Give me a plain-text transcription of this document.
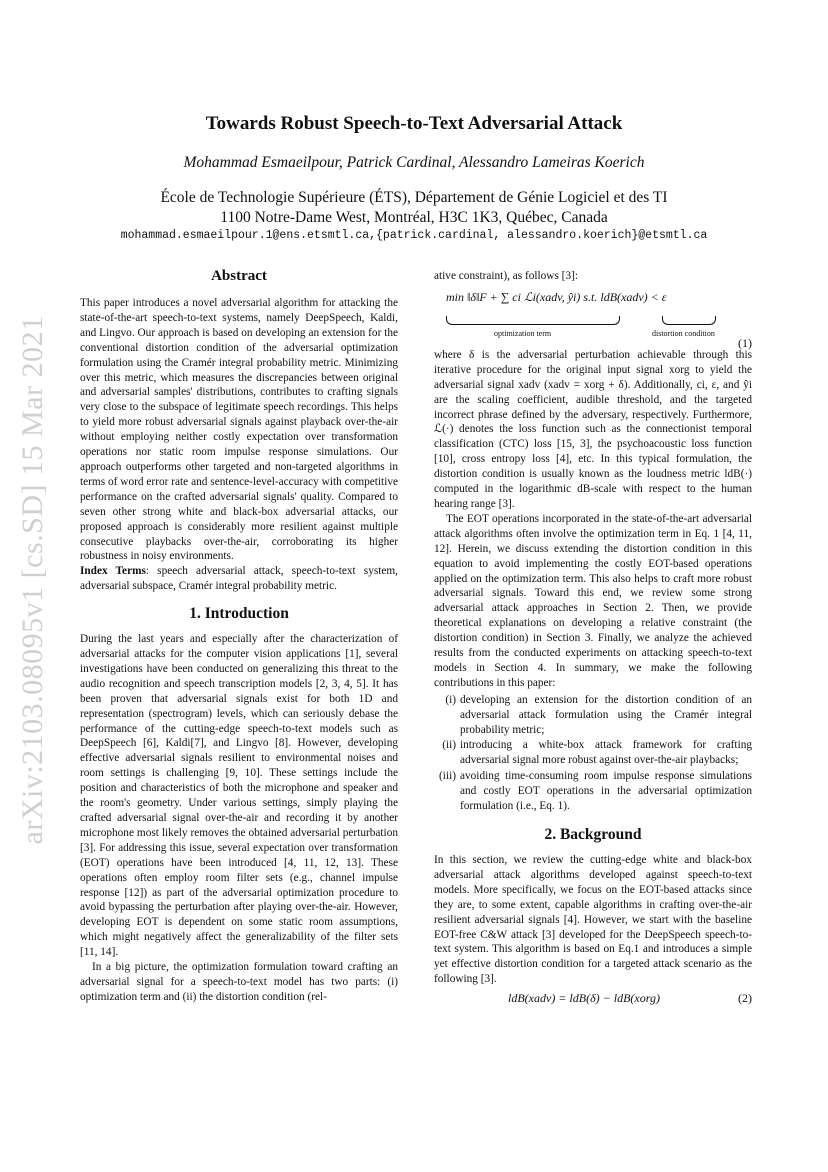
arXiv:2103.08095v1 [cs.SD] 15 Mar 2021
Towards Robust Speech-to-Text Adversarial Attack
Mohammad Esmaeilpour, Patrick Cardinal, Alessandro Lameiras Koerich
École de Technologie Supérieure (ÉTS), Département de Génie Logiciel et des TI
1100 Notre-Dame West, Montréal, H3C 1K3, Québec, Canada
mohammad.esmaeilpour.1@ens.etsmtl.ca,{patrick.cardinal, alessandro.koerich}@etsmtl.ca
Abstract

This paper introduces a novel adversarial algorithm for attacking the state-of-the-art speech-to-text systems, namely DeepSpeech, Kaldi, and Lingvo. Our approach is based on developing an extension for the conventional distortion condition of the adversarial optimization formulation using the Cramér integral probability metric. Minimizing over this metric, which measures the discrepancies between original and adversarial samples' distributions, contributes to crafting signals very close to the subspace of legitimate speech recordings. This helps to yield more robust adversarial signals against playback over-the-air without employing neither costly expectation over transformation operations nor static room impulse response simulations. Our approach outperforms other targeted and non-targeted algorithms in terms of word error rate and sentence-level-accuracy with competitive performance on the crafted adversarial signals' quality. Compared to seven other strong white and black-box adversarial attacks, our proposed approach is considerably more resilient against multiple consecutive playbacks over-the-air, corroborating its higher robustness in noisy environments.

Index Terms: speech adversarial attack, speech-to-text system, adversarial subspace, Cramér integral probability metric.

1. Introduction

During the last years and especially after the characterization of adversarial attacks for the computer vision applications [1], several investigations have been conducted on generalizing this threat to the audio recognition and speech transcription models [2, 3, 4, 5]. It has been proven that adversarial signals exist for both 1D and representation (spectrogram) levels, which can seriously debase the performance of the cutting-edge speech-to-text models such as DeepSpeech [6], Kaldi[7], and Lingvo [8]. However, developing effective adversarial signals resilient to environmental noises and room settings is challenging [9, 10]. These settings include the position and characteristics of both the microphone and speaker and the room's geometry. Under various settings, simply playing the crafted adversarial signal over-the-air and recording it by another microphone most likely removes the obtained adversarial perturbation [3]. For addressing this issue, several expectation over transformation (EOT) operations have been introduced [4, 11, 12, 13]. These operations often employ room filter sets (e.g., channel impulse response [12]) as part of the adversarial optimization procedure to avoid bypassing the perturbation after playing over-the-air. However, developing EOT is dependent on some static room assumptions, which might negatively affect the generalizability of the filter sets [11, 14].

In a big picture, the optimization formulation toward crafting an adversarial signal for a speech-to-text model has two parts: (i) optimization term and (ii) the distortion condition (rel-

ative constraint), as follows [3]:

min ‖δ‖F + ∑ ci ℒi(xadv, ŷi) s.t. ldB(xadv) < ε
optimization term	distortion condition
(1)

where δ is the adversarial perturbation achievable through this iterative procedure for the original input signal xorg to yield the adversarial signal xadv (xadv = xorg + δ). Additionally, ci, ε, and ŷi are the scaling coefficient, audible threshold, and the targeted incorrect phrase defined by the adversary, respectively. Furthermore, ℒ(·) denotes the loss function such as the connectionist temporal classification (CTC) loss [15, 3], the psychoacoustic loss function [10], cross entropy loss [4], etc. In this typical formulation, the distortion condition is usually known as the loudness metric ldB(·) computed in the logarithmic dB-scale with respect to the human hearing range [3].

The EOT operations incorporated in the state-of-the-art adversarial attack algorithms often involve the optimization term in Eq. 1 [4, 11, 12]. Herein, we discuss extending the distortion condition in this equation to avoid implementing the costly EOT-based operations applied on the optimization term. This also helps to craft more robust adversarial signals. Toward this end, we review some strong adversarial attack approaches in Section 2. Then, we provide theoretical explanations on developing a relative constraint (the distortion condition) in Section 3. Finally, we analyze the achieved results from the conducted experiments on attacking speech-to-text models in Section 4. In summary, we make the following contributions in this paper:

(i) developing an extension for the distortion condition of an adversarial attack formulation using the Cramér integral probability metric;
(ii) introducing a white-box attack framework for crafting adversarial signal more robust against over-the-air playbacks;
(iii) avoiding time-consuming room impulse response simulations and costly EOT operations in the adversarial optimization formulation (i.e., Eq. 1).
2. Background

In this section, we review the cutting-edge white and black-box adversarial attack algorithms developed against speech-to-text models. More specifically, we focus on the EOT-based attacks since they are, to some extent, capable algorithms in crafting over-the-air resilient adversarial signals [4]. However, we start with the baseline EOT-free C&W attack [3] developed for the DeepSpeech speech-to-text system. This algorithm is based on Eq.1 and introduces a simple yet effective distortion condition for a targeted attack scenario as the following [3].

ldB(xadv) = ldB(δ) − ldB(xorg)	(2)
